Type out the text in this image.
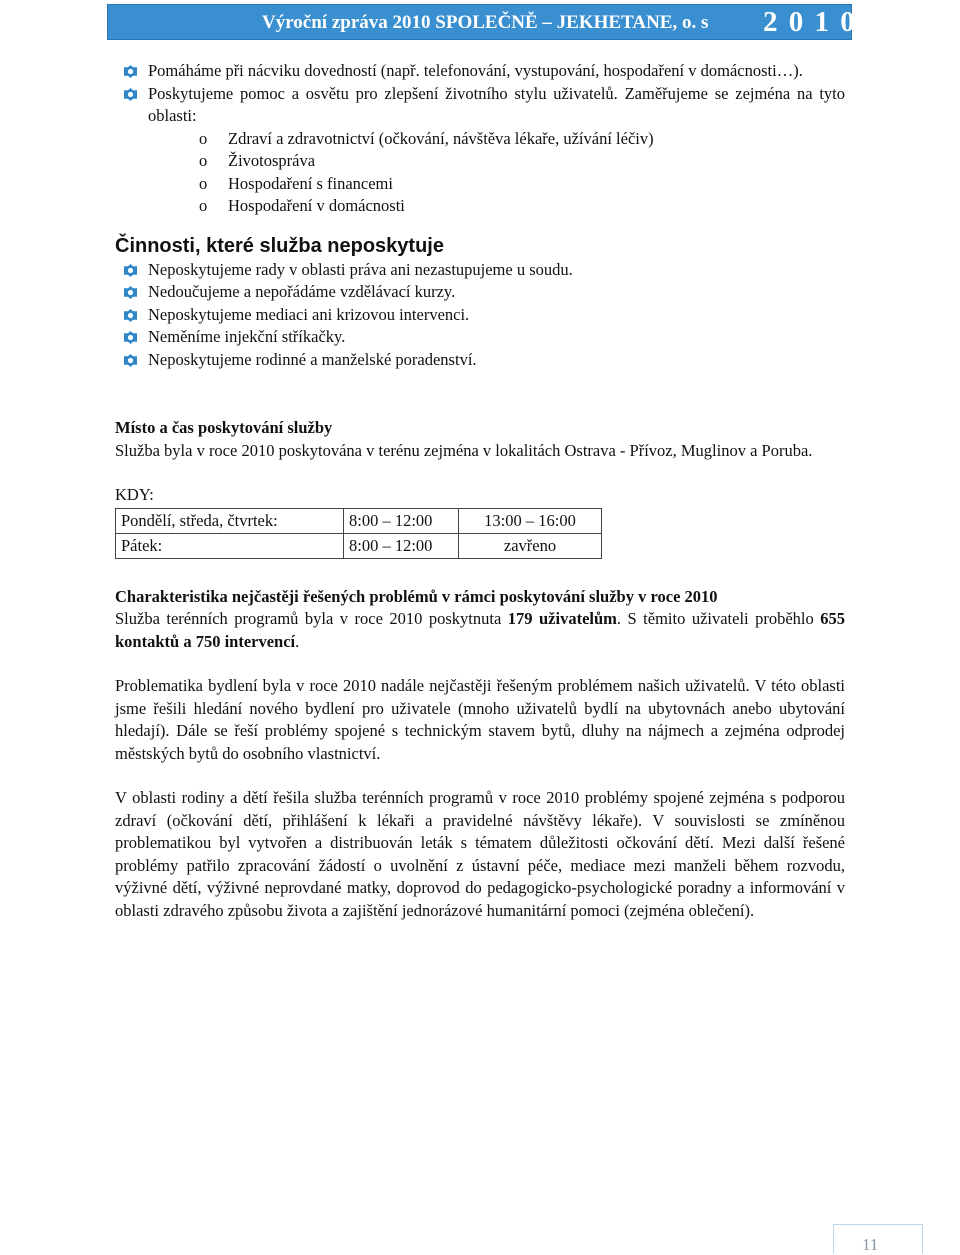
Výroční zpráva 2010 SPOLEČNĚ – JEKHETANE, o. s 2 0 1 0
Pomáháme při nácviku dovedností (např. telefonování, vystupování, hospodaření v domácnosti…).
Poskytujeme pomoc a osvětu pro zlepšení životního stylu uživatelů. Zaměřujeme se zejména na tyto oblasti:
o Zdraví a zdravotnictví (očkování, návštěva lékaře, užívání léčiv)
o Životospráva
o Hospodaření s financemi
o Hospodaření v domácnosti
Činnosti, které služba neposkytuje
Neposkytujeme rady v oblasti práva ani nezastupujeme u soudu.
Nedoučujeme a nepořádáme vzdělávací kurzy.
Neposkytujeme mediaci ani krizovou intervenci.
Neměníme injekční stříkačky.
Neposkytujeme rodinné a manželské poradenství.
Místo a čas poskytování služby
Služba byla v roce 2010 poskytována v terénu zejména v lokalitách Ostrava - Přívoz, Muglinov a Poruba.
KDY:
Pondělí, středa, čtvrtek:	8:00 – 12:00	13:00 – 16:00
Pátek:	8:00 – 12:00	zavřeno
Charakteristika nejčastěji řešených problémů v rámci poskytování služby v roce 2010
Služba terénních programů byla v roce 2010 poskytnuta 179 uživatelům. S těmito uživateli proběhlo 655 kontaktů a 750 intervencí.
Problematika bydlení byla v roce 2010 nadále nejčastěji řešeným problémem našich uživatelů. V této oblasti jsme řešili hledání nového bydlení pro uživatele (mnoho uživatelů bydlí na ubytovnách anebo ubytování hledají). Dále se řeší problémy spojené s technickým stavem bytů, dluhy na nájmech a zejména odprodej městských bytů do osobního vlastnictví.
V oblasti rodiny a dětí řešila služba terénních programů v roce 2010 problémy spojené zejména s podporou zdraví (očkování dětí, přihlášení k lékaři a pravidelné návštěvy lékaře). V souvislosti se zmíněnou problematikou byl vytvořen a distribuován leták s tématem důležitosti očkování dětí. Mezi další řešené problémy patřilo zpracování žádostí o uvolnění z ústavní péče, mediace mezi manželi během rozvodu, výživné dětí, výživné neprovdané matky, doprovod do pedagogicko-psychologické poradny a informování v oblasti zdravého způsobu života a zajištění jednorázové humanitární pomoci (zejména oblečení).
11
